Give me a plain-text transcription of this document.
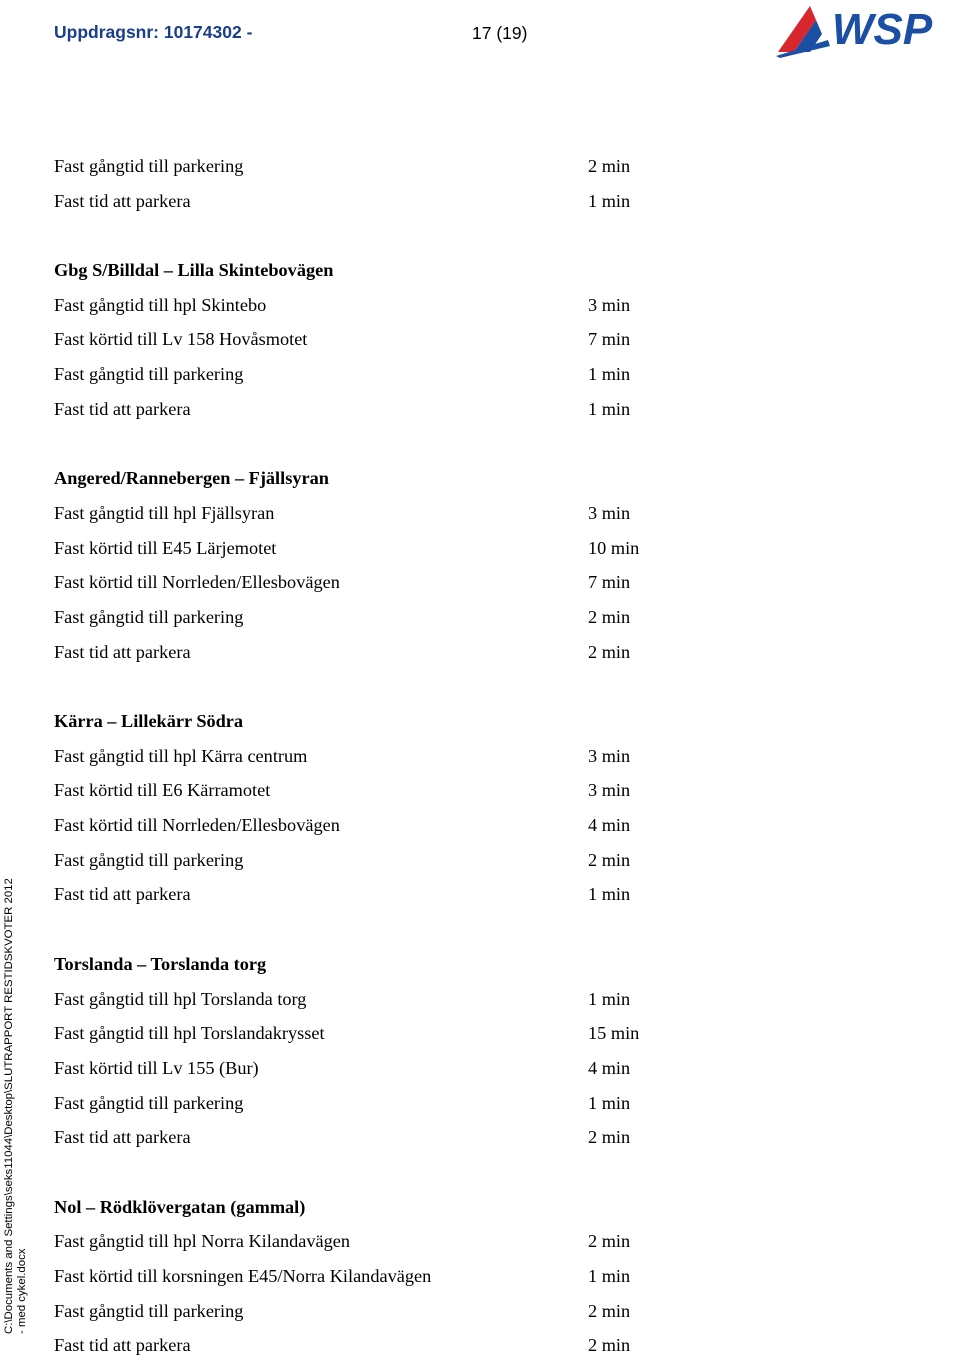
Uppdragsnr: 10174302 -	17 (19)	WSP
C:\Documents and Settings\seks11044\Desktop\SLUTRAPPORT RESTIDSKVOTER 2012 - med cykel.docx
Fast gångtid till parkering	2 min
Fast tid att parkera	1 min
Gbg S/Billdal – Lilla Skintebovägen
Fast gångtid till hpl Skintebo	3 min
Fast körtid till Lv 158 Hovåsmotet	7 min
Fast gångtid till parkering	1 min
Fast tid att parkera	1 min
Angered/Rannebergen – Fjällsyran
Fast gångtid till hpl Fjällsyran	3 min
Fast körtid till E45 Lärjemotet	10 min
Fast körtid till Norrleden/Ellesbovägen	7 min
Fast gångtid till parkering	2 min
Fast tid att parkera	2 min
Kärra – Lillekärr Södra
Fast gångtid till hpl Kärra centrum	3 min
Fast körtid till E6 Kärramotet	3 min
Fast körtid till Norrleden/Ellesbovägen	4 min
Fast gångtid till parkering	2 min
Fast tid att parkera	1 min
Torslanda – Torslanda torg
Fast gångtid till hpl Torslanda torg	1 min
Fast gångtid till hpl Torslandakrysset	15 min
Fast körtid till Lv 155 (Bur)	4 min
Fast gångtid till parkering	1 min
Fast tid att parkera	2 min
Nol – Rödklövergatan (gammal)
Fast gångtid till hpl Norra Kilandavägen	2 min
Fast körtid till korsningen E45/Norra Kilandavägen	1 min
Fast gångtid till parkering	2 min
Fast tid att parkera	2 min
